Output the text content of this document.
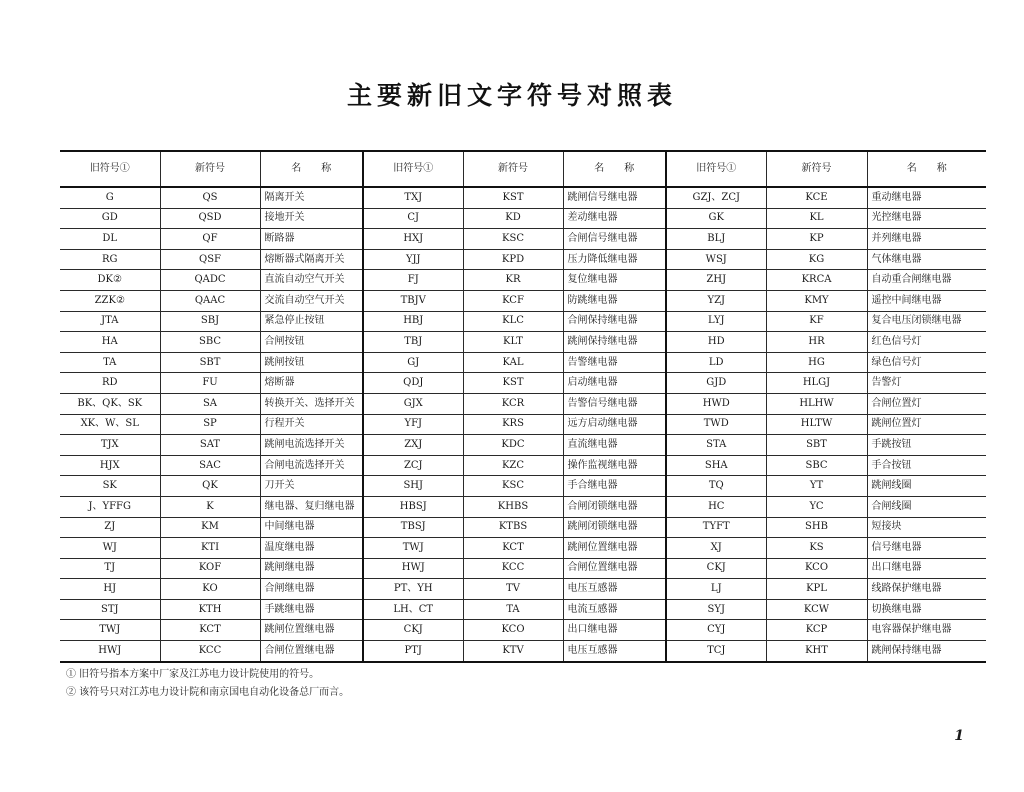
主要新旧文字符号对照表
旧符号①	新符号	名　　称	旧符号①	新符号	名　　称	旧符号①	新符号	名　　称
G	QS	隔离开关	TXJ	KST	跳闸信号继电器	GZJ、ZCJ	KCE	重动继电器
GD	QSD	接地开关	CJ	KD	差动继电器	GK	KL	光控继电器
DL	QF	断路器	HXJ	KSC	合闸信号继电器	BLJ	KP	并列继电器
RG	QSF	熔断器式隔离开关	YJJ	KPD	压力降低继电器	WSJ	KG	气体继电器
DK②	QADC	直流自动空气开关	FJ	KR	复位继电器	ZHJ	KRCA	自动重合闸继电器
ZZK②	QAAC	交流自动空气开关	TBJV	KCF	防跳继电器	YZJ	KMY	遥控中间继电器
JTA	SBJ	紧急停止按钮	HBJ	KLC	合闸保持继电器	LYJ	KF	复合电压闭锁继电器
HA	SBC	合闸按钮	TBJ	KLT	跳闸保持继电器	HD	HR	红色信号灯
TA	SBT	跳闸按钮	GJ	KAL	告警继电器	LD	HG	绿色信号灯
RD	FU	熔断器	QDJ	KST	启动继电器	GJD	HLGJ	告警灯
BK、QK、SK	SA	转换开关、选择开关	GJX	KCR	告警信号继电器	HWD	HLHW	合闸位置灯
XK、W、SL	SP	行程开关	YFJ	KRS	远方启动继电器	TWD	HLTW	跳闸位置灯
TJX	SAT	跳闸电流选择开关	ZXJ	KDC	直流继电器	STA	SBT	手跳按钮
HJX	SAC	合闸电流选择开关	ZCJ	KZC	操作监视继电器	SHA	SBC	手合按钮
SK	QK	刀开关	SHJ	KSC	手合继电器	TQ	YT	跳闸线圈
J、YFFG	K	继电器、复归继电器	HBSJ	KHBS	合闸闭锁继电器	HC	YC	合闸线圈
ZJ	KM	中间继电器	TBSJ	KTBS	跳闸闭锁继电器	TYFT	SHB	短接块
WJ	KTI	温度继电器	TWJ	KCT	跳闸位置继电器	XJ	KS	信号继电器
TJ	KOF	跳闸继电器	HWJ	KCC	合闸位置继电器	CKJ	KCO	出口继电器
HJ	KO	合闸继电器	PT、YH	TV	电压互感器	LJ	KPL	线路保护继电器
STJ	KTH	手跳继电器	LH、CT	TA	电流互感器	SYJ	KCW	切换继电器
TWJ	KCT	跳闸位置继电器	CKJ	KCO	出口继电器	CYJ	KCP	电容器保护继电器
HWJ	KCC	合闸位置继电器	PTJ	KTV	电压互感器	TCJ	KHT	跳闸保持继电器
① 旧符号指本方案中厂家及江苏电力设计院使用的符号。
② 该符号只对江苏电力设计院和南京国电自动化设备总厂而言。
1
